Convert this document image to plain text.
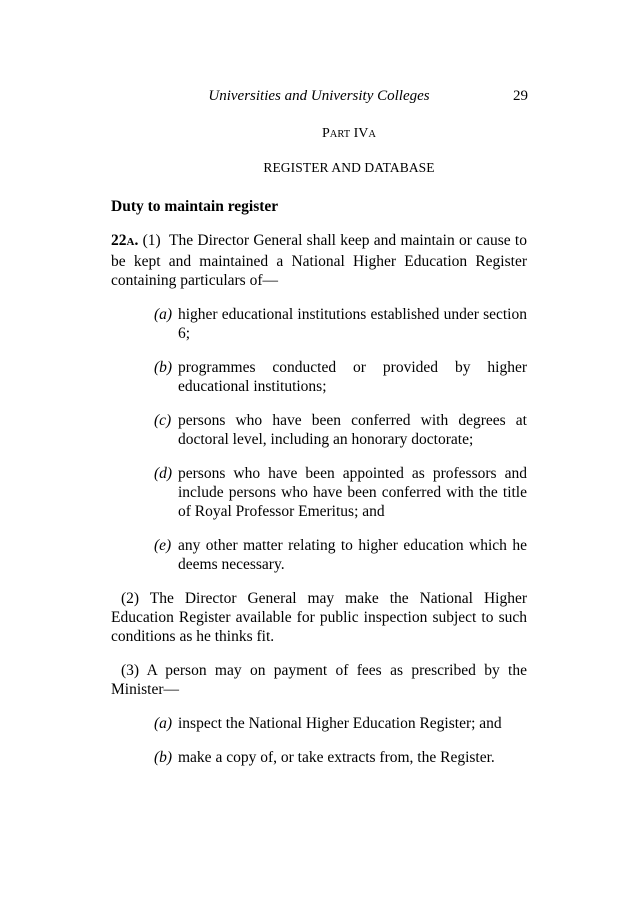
Universities and University Colleges	29
PART IVA
REGISTER AND DATABASE
Duty to maintain register
22A. (1) The Director General shall keep and maintain or cause to be kept and maintained a National Higher Education Register containing particulars of—
(a) higher educational institutions established under section 6;
(b) programmes conducted or provided by higher educational institutions;
(c) persons who have been conferred with degrees at doctoral level, including an honorary doctorate;
(d) persons who have been appointed as professors and include persons who have been conferred with the title of Royal Professor Emeritus; and
(e) any other matter relating to higher education which he deems necessary.
(2) The Director General may make the National Higher Education Register available for public inspection subject to such conditions as he thinks fit.
(3) A person may on payment of fees as prescribed by the Minister—
(a) inspect the National Higher Education Register; and
(b) make a copy of, or take extracts from, the Register.
